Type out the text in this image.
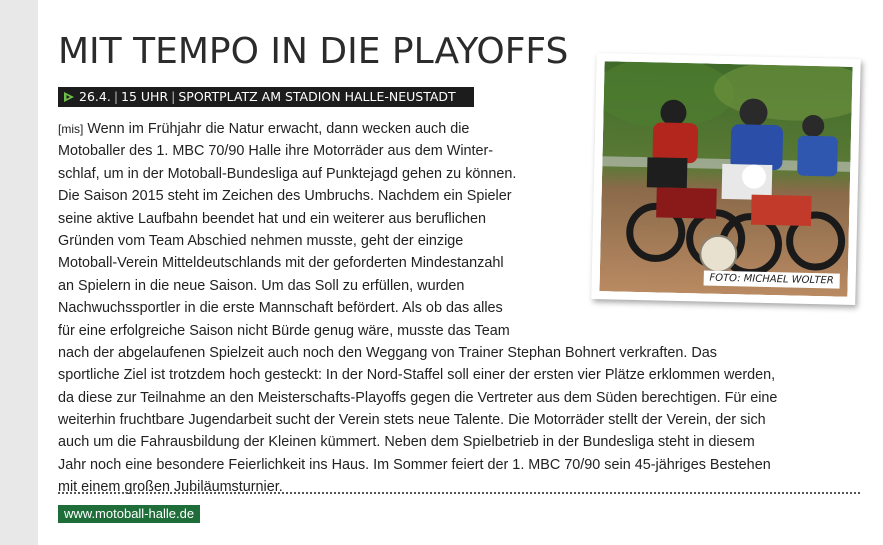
MIT TEMPO IN DIE PLAYOFFS
26.4. | 15 UHR | SPORTPLATZ AM STADION HALLE-NEUSTADT
[mis] Wenn im Frühjahr die Natur erwacht, dann wecken auch die
Motoballer des 1. MBC 70/90 Halle ihre Motorräder aus dem Winter-
schlaf, um in der Motoball-Bundesliga auf Punktejagd gehen zu können.
Die Saison 2015 steht im Zeichen des Umbruchs. Nachdem ein Spieler
seine aktive Laufbahn beendet hat und ein weiterer aus beruflichen
Gründen vom Team Abschied nehmen musste, geht der einzige
Motoball-Verein Mitteldeutschlands mit der geforderten Mindestanzahl
an Spielern in die neue Saison. Um das Soll zu erfüllen, wurden
Nachwuchssportler in die erste Mannschaft befördert. Als ob das alles
für eine erfolgreiche Saison nicht Bürde genug wäre, musste das Team
nach der abgelaufenen Spielzeit auch noch den Weggang von Trainer Stephan Bohnert verkraften. Das
sportliche Ziel ist trotzdem hoch gesteckt: In der Nord-Staffel soll einer der ersten vier Plätze erklommen werden,
da diese zur Teilnahme an den Meisterschafts-Playoffs gegen die Vertreter aus dem Süden berechtigen. Für eine
weiterhin fruchtbare Jugendarbeit sucht der Verein stets neue Talente. Die Motorräder stellt der Verein, der sich
auch um die Fahrausbildung der Kleinen kümmert. Neben dem Spielbetrieb in der Bundesliga steht in diesem
Jahr noch eine besondere Feierlichkeit ins Haus. Im Sommer feiert der 1. MBC 70/90 sein 45-jähriges Bestehen
mit einem großen Jubiläumsturnier.
FOTO: MICHAEL WOLTER
www.motoball-halle.de
